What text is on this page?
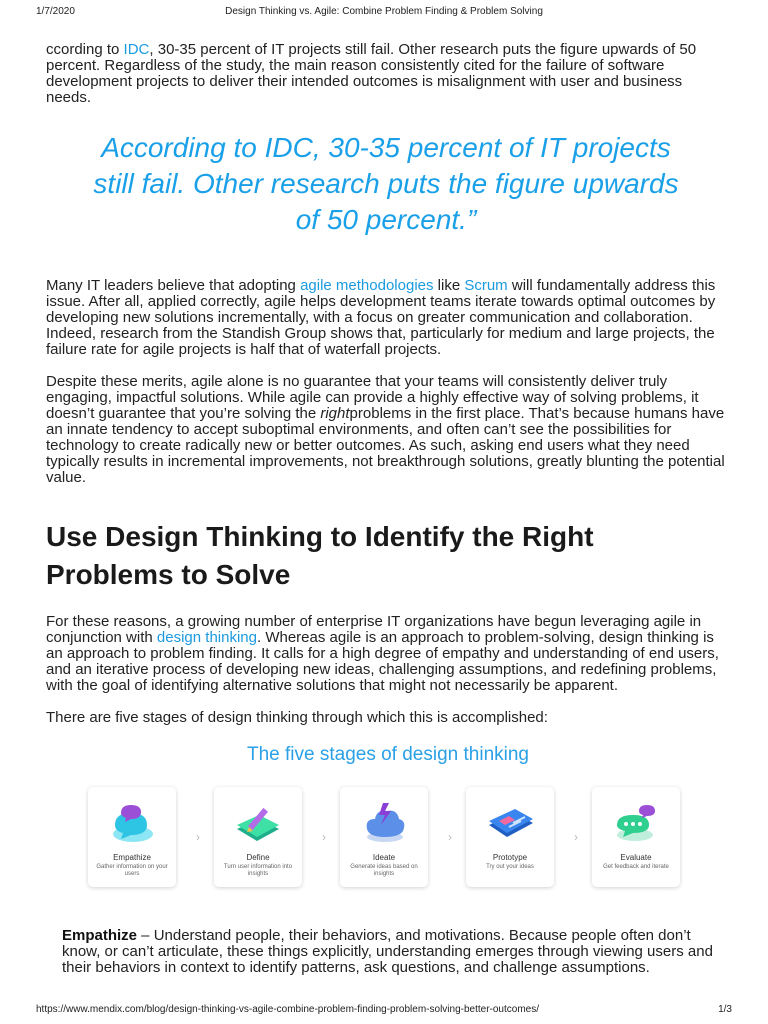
1/7/2020	Design Thinking vs. Agile: Combine Problem Finding & Problem Solving

ccording to IDC, 30-35 percent of IT projects still fail. Other research puts the figure upwards of 50 percent. Regardless of the study, the main reason consistently cited for the failure of software development projects to deliver their intended outcomes is misalignment with user and business needs.

According to IDC, 30-35 percent of IT projects still fail. Other research puts the figure upwards of 50 percent.”

Many IT leaders believe that adopting agile methodologies like Scrum will fundamentally address this issue. After all, applied correctly, agile helps development teams iterate towards optimal outcomes by developing new solutions incrementally, with a focus on greater communication and collaboration. Indeed, research from the Standish Group shows that, particularly for medium and large projects, the failure rate for agile projects is half that of waterfall projects.

Despite these merits, agile alone is no guarantee that your teams will consistently deliver truly engaging, impactful solutions. While agile can provide a highly effective way of solving problems, it doesn’t guarantee that you’re solving the rightproblems in the first place. That’s because humans have an innate tendency to accept suboptimal environments, and often can’t see the possibilities for technology to create radically new or better outcomes. As such, asking end users what they need typically results in incremental improvements, not breakthrough solutions, greatly blunting the potential value.

Use Design Thinking to Identify the Right Problems to Solve

For these reasons, a growing number of enterprise IT organizations have begun leveraging agile in conjunction with design thinking. Whereas agile is an approach to problem-solving, design thinking is an approach to problem finding. It calls for a high degree of empathy and understanding of end users, and an iterative process of developing new ideas, challenging assumptions, and redefining problems, with the goal of identifying alternative solutions that might not necessarily be apparent.

There are five stages of design thinking through which this is accomplished:

The five stages of design thinking
Empathize
Gather information on your users
›
Define
Turn user information into insights
›
Ideate
Generate ideas based on insights
›
Prototype
Try out your ideas
›
Evaluate
Get feedback and iterate

Empathize – Understand people, their behaviors, and motivations. Because people often don’t know, or can’t articulate, these things explicitly, understanding emerges through viewing users and their behaviors in context to identify patterns, ask questions, and challenge assumptions.

https://www.mendix.com/blog/design-thinking-vs-agile-combine-problem-finding-problem-solving-better-outcomes/	1/3
